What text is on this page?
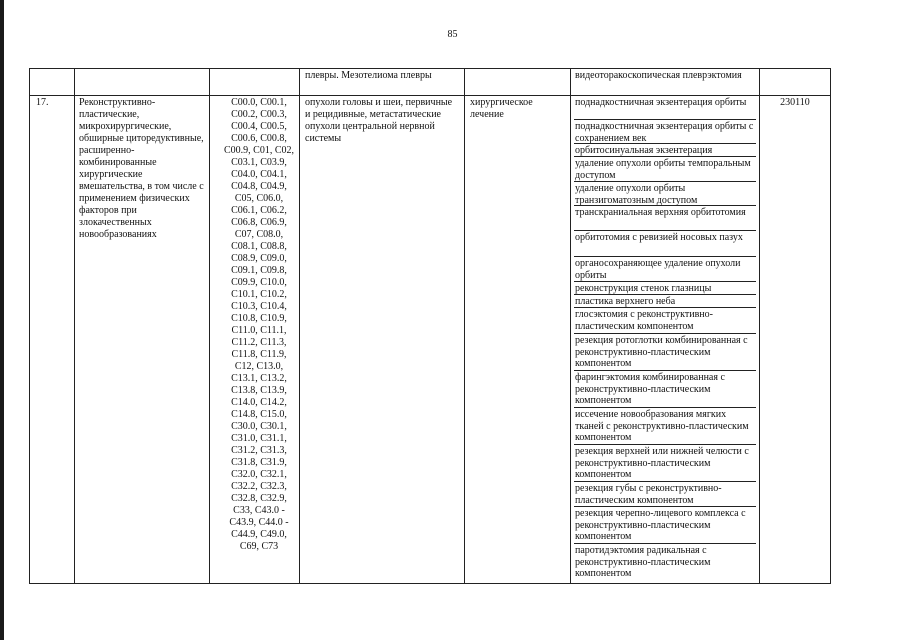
85
плевры. Мезотелиома плевры	видеоторакоскопическая плеврэктомия
17.	Реконструктивно-пластические, микрохирургические, обширные циторедуктивные, расширенно-комбинированные хирургические вмешательства, в том числе с применением физических факторов при злокачественных новообразованиях
C00.0, C00.1, C00.2, C00.3, C00.4, C00.5, C00.6, C00.8, C00.9, C01, C02, C03.1, C03.9, C04.0, C04.1, C04.8, C04.9, C05, C06.0, C06.1, C06.2, C06.8, C06.9, C07, C08.0, C08.1, C08.8, C08.9, C09.0, C09.1, C09.8, C09.9, C10.0, C10.1, C10.2, C10.3, C10.4, C10.8, C10.9, C11.0, C11.1, C11.2, C11.3, C11.8, C11.9, C12, C13.0, C13.1, C13.2, C13.8, C13.9, C14.0, C14.2, C14.8, C15.0, C30.0, C30.1, C31.0, C31.1, C31.2, C31.3, C31.8, C31.9, C32.0, C32.1, C32.2, C32.3, C32.8, C32.9, C33, C43.0 - C43.9, C44.0 - C44.9, C49.0, C69, C73
опухоли головы и шеи, первичные и рецидивные, метастатические опухоли центральной нервной системы
хирургическое лечение
поднадкостничная экзентерация орбиты
поднадкостничная экзентерация орбиты с сохранением век
орбитосинуальная экзентерация
удаление опухоли орбиты темпоральным доступом
удаление опухоли орбиты транзигоматозным доступом
транскраниальная верхняя орбитотомия
орбитотомия с ревизией носовых пазух
органосохраняющее удаление опухоли орбиты
реконструкция стенок глазницы
пластика верхнего неба
глосэктомия с реконструктивно-пластическим компонентом
резекция ротоглотки комбинированная с реконструктивно-пластическим компонентом
фарингэктомия комбинированная с реконструктивно-пластическим компонентом
иссечение новообразования мягких тканей с реконструктивно-пластическим компонентом
резекция верхней или нижней челюсти с реконструктивно-пластическим компонентом
резекция губы с реконструктивно-пластическим компонентом
резекция черепно-лицевого комплекса с реконструктивно-пластическим компонентом
паротидэктомия радикальная с реконструктивно-пластическим компонентом
230110
